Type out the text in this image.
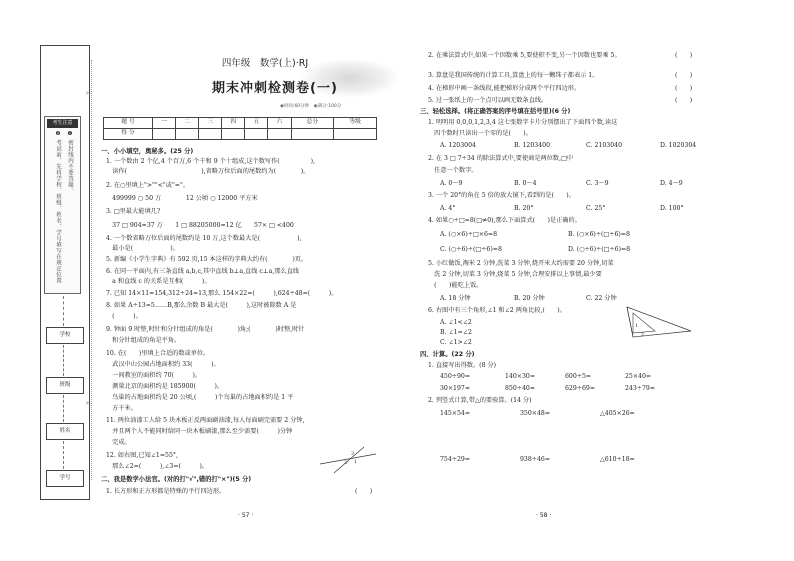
考生注意
❶ 密封线内不要答题。
❷ 考试前，先将学校、班级、姓名、学号填写在规定位置
学校
班级
姓名
学号
✂
✂
四年级　数学(上)·RJ
期末冲刺检测卷(一)
◉时间:60分钟　◉满分:100分
题 号	一	二	三	四	五	六	总分	等级
得 分								
一、小小填空，奥秘多。(25 分)
1. 一个数由 2 个亿,4 个百万,6 个千和 9 个十组成,这个数写作(　　　　　),
　读作(　　　　　　　　　　　　),省略万位后面的尾数约为(　　　　)。
2. 在○里填上">""<"或"="。
　499999 ○ 50 万　　　　12 公顷 ○ 12000 平方米
3. □里最大能填几?
　37 □ 904≈37 万　　1 □ 88205000≈12 亿　　57× □ <400
4. 一个数省略万位后面的尾数约是 10 万,这个数最大是(　　　　　　),
　最小是(　　　　　　)。
5. 新编《小学生字典》有 592 页,15 本这样的字典大约有(　　　　)页。
6. 在同一平面内,有三条直线 a,b,c,其中直线 b⊥a,直线 c⊥a,那么直线
　a 和直线 c 的关系是互相(　　　)。
7. 已知 14×11=154,312÷24=13,那么 154×22=(　　　),624÷48=(　　　)。
8. 如果 A÷13=5……B,那么余数 B 最大是(　　　),这时被除数 A 是
　(　　　)。
9. 钟面 9 时整,时针和分针组成的角是(　　　　)角;(　　　　)时整,时针
　和分针组成的角是平角。
10. 在(　　)里填上合适的数或单位。
　武汉中山公园占地面积约 33(　　　)。
　一间教室的面积约 70(　　　)。
　测量北京的面积约是 185900(　　　)。
　鸟巢的占地面积约是 20 公顷,(　　　)个鸟巢的占地面积约是 1 平
　方千米。
11. 两位油漆工人给 5 块木板正反两面刷油漆,每人每面刷完需要 2 分钟,
　并且两个人不能同时给同一块木板刷漆,那么至少需要(　　　)分钟
　完成。
12. 如右图,已知∠1=55°,
　那么∠2=(　　　),∠3=(　　　)。
3
2 1
二、我是数学小法官。(对的打"√",错的打"×")(5 分)
1. 长方形和正方形都是特殊的平行四边形。	(　　)
· 57 ·
2. 在乘法算式中,如果一个因数乘 5,要使积不变,另一个因数也要乘 5。	(　　)
3. 算盘是我国传统的计算工具,算盘上的每一颗珠子都表示 1。	(　　)
4. 在梯形中画一条线段,能把梯形分成两个平行四边形。	(　　)
5. 过一张纸上的一个点可以画无数条直线。	(　　)
三、轻松选择。(将正确答案的序号填在括号里)(6 分)
1. 明明用 0,0,0,1,2,3,4 这七张数字卡片分别摆出了下面四个数,读这
　四个数时只读出一个零的是(　　)。
A. 1203004	B. 1203400	C. 2103040	D. 1020304
2. 在 3 □ 7÷34 的除法算式中,要使商是两位数,□中
　任意一个数字。
A. 0～9	B. 0～4	C. 3～9	D. 4～9
3. 一个 20°的角在 5 倍的放大镜下,看到的是(　　)。
A. 4°	B. 20°	C. 25°	D. 100°
4. 如果○÷□=8(□≠0),那么下面算式(　　)是正确的。
A. (○×6)÷□×6=8	B. (○×6)÷(□÷6)=8
C. (○÷6)÷(□÷6)=8	D. (○÷6)÷(□÷6)=8
5. 小红做饭,淘米 2 分钟,洗菜 3 分钟,烧开米大约需要 20 分钟,切菜
　洗 2 分钟,切菜 3 分钟,烧菜 5 分钟,合理安排以上事情,最少要
　(　　)能吃上饭。
A. 18 分钟	B. 20 分钟	C. 22 分钟
6. 右图中有三个角形,∠1 和∠2 两角比较,(　　)。
A. ∠1<∠2
B. ∠1=∠2
C. ∠1>∠2
1
2
四、计算。(22 分)
1. 直接写出得数。(8 分)
450÷90=	140×30=	600÷5=	25×40=
30×197≈	850÷40≈	629÷69≈	243÷79≈
2. 列竖式计算,带△的要验算。(14 分)
145×54=	350×48=	△405×26=
754÷29=	938÷46=	△610÷18=
· 58 ·
